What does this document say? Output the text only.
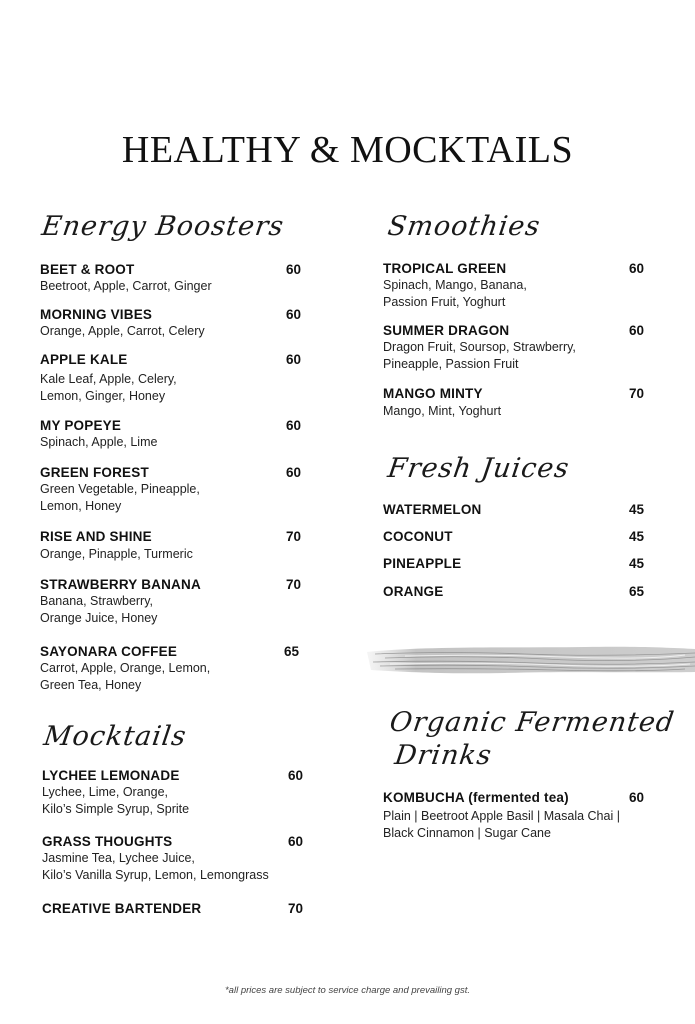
HEALTHY & MOCKTAILS
Energy Boosters	Smoothies
Fresh Juices
Mocktails	Organic Fermented
Drinks
BEET & ROOT	60
Beetroot, Apple, Carrot, Ginger
MORNING VIBES	60
Orange, Apple, Carrot, Celery
APPLE KALE	60
Kale Leaf, Apple, Celery,
Lemon, Ginger, Honey
MY POPEYE	60
Spinach, Apple, Lime
GREEN FOREST	60
Green Vegetable, Pineapple,
Lemon, Honey
RISE AND SHINE	70
Orange, Pinapple, Turmeric
STRAWBERRY BANANA	70
Banana, Strawberry,
Orange Juice, Honey
SAYONARA COFFEE	65
Carrot, Apple, Orange, Lemon,
Green Tea, Honey
LYCHEE LEMONADE	60
Lychee, Lime, Orange,
Kilo’s Simple Syrup, Sprite
GRASS THOUGHTS	60
Jasmine Tea, Lychee Juice,
Kilo’s Vanilla Syrup, Lemon, Lemongrass
CREATIVE BARTENDER	70
TROPICAL GREEN	60
Spinach, Mango, Banana,
Passion Fruit, Yoghurt
SUMMER DRAGON	60
Dragon Fruit, Soursop, Strawberry,
Pineapple, Passion Fruit
MANGO MINTY	70
Mango, Mint, Yoghurt
WATERMELON	45
COCONUT	45
PINEAPPLE	45
ORANGE	65
KOMBUCHA (fermented tea)	60
Plain | Beetroot Apple Basil | Masala Chai |
Black Cinnamon | Sugar Cane
*all prices are subject to service charge and prevailing gst.
